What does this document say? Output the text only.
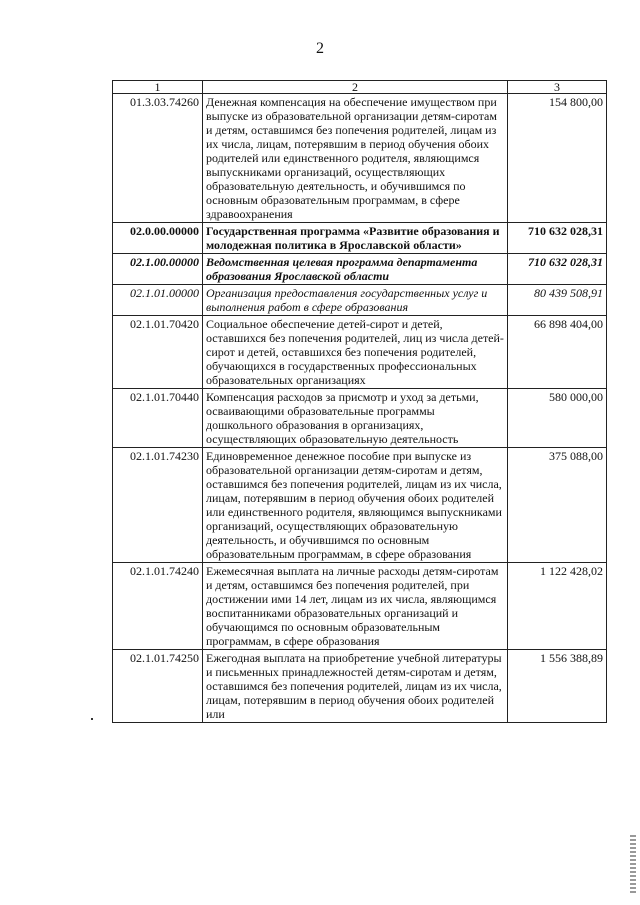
2
1	2	3
01.3.03.74260	Денежная компенсация на обеспечение имуществом при выпуске из образовательной организации детям-сиротам и детям, оставшимся без попечения родителей, лицам из их числа, лицам, потерявшим в период обучения обоих родителей или единственного родителя, являющимся выпускниками организаций, осуществляющих образовательную деятельность, и обучившимся по основным образовательным программам, в сфере здравоохранения	154 800,00
02.0.00.00000	Государственная программа «Развитие образования и молодежная политика в Ярославской области»	710 632 028,31
02.1.00.00000	Ведомственная целевая программа департамента образования Ярославской области	710 632 028,31
02.1.01.00000	Организация предоставления государственных услуг и выполнения работ в сфере образования	80 439 508,91
02.1.01.70420	Социальное обеспечение детей-сирот и детей, оставшихся без попечения родителей, лиц из числа детей-сирот и детей, оставшихся без попечения родителей, обучающихся в государственных профессиональных образовательных организациях	66 898 404,00
02.1.01.70440	Компенсация расходов за присмотр и уход за детьми, осваивающими образовательные программы дошкольного образования в организациях, осуществляющих образовательную деятельность	580 000,00
02.1.01.74230	Единовременное денежное пособие при выпуске из образовательной организации детям-сиротам и детям, оставшимся без попечения родителей, лицам из их числа, лицам, потерявшим в период обучения обоих родителей или единственного родителя, являющимся выпускниками организаций, осуществляющих образовательную деятельность, и обучившимся по основным образовательным программам, в сфере образования	375 088,00
02.1.01.74240	Ежемесячная выплата на личные расходы детям-сиротам и детям, оставшимся без попечения родителей, при достижении ими 14 лет, лицам из их числа, являющимся воспитанниками образовательных организаций и обучающимся по основным образовательным программам, в сфере образования	1 122 428,02
02.1.01.74250	Ежегодная выплата на приобретение учебной литературы и письменных принадлежностей детям-сиротам и детям, оставшимся без попечения родителей, лицам из их числа, лицам, потерявшим в период обучения обоих родителей или	1 556 388,89
